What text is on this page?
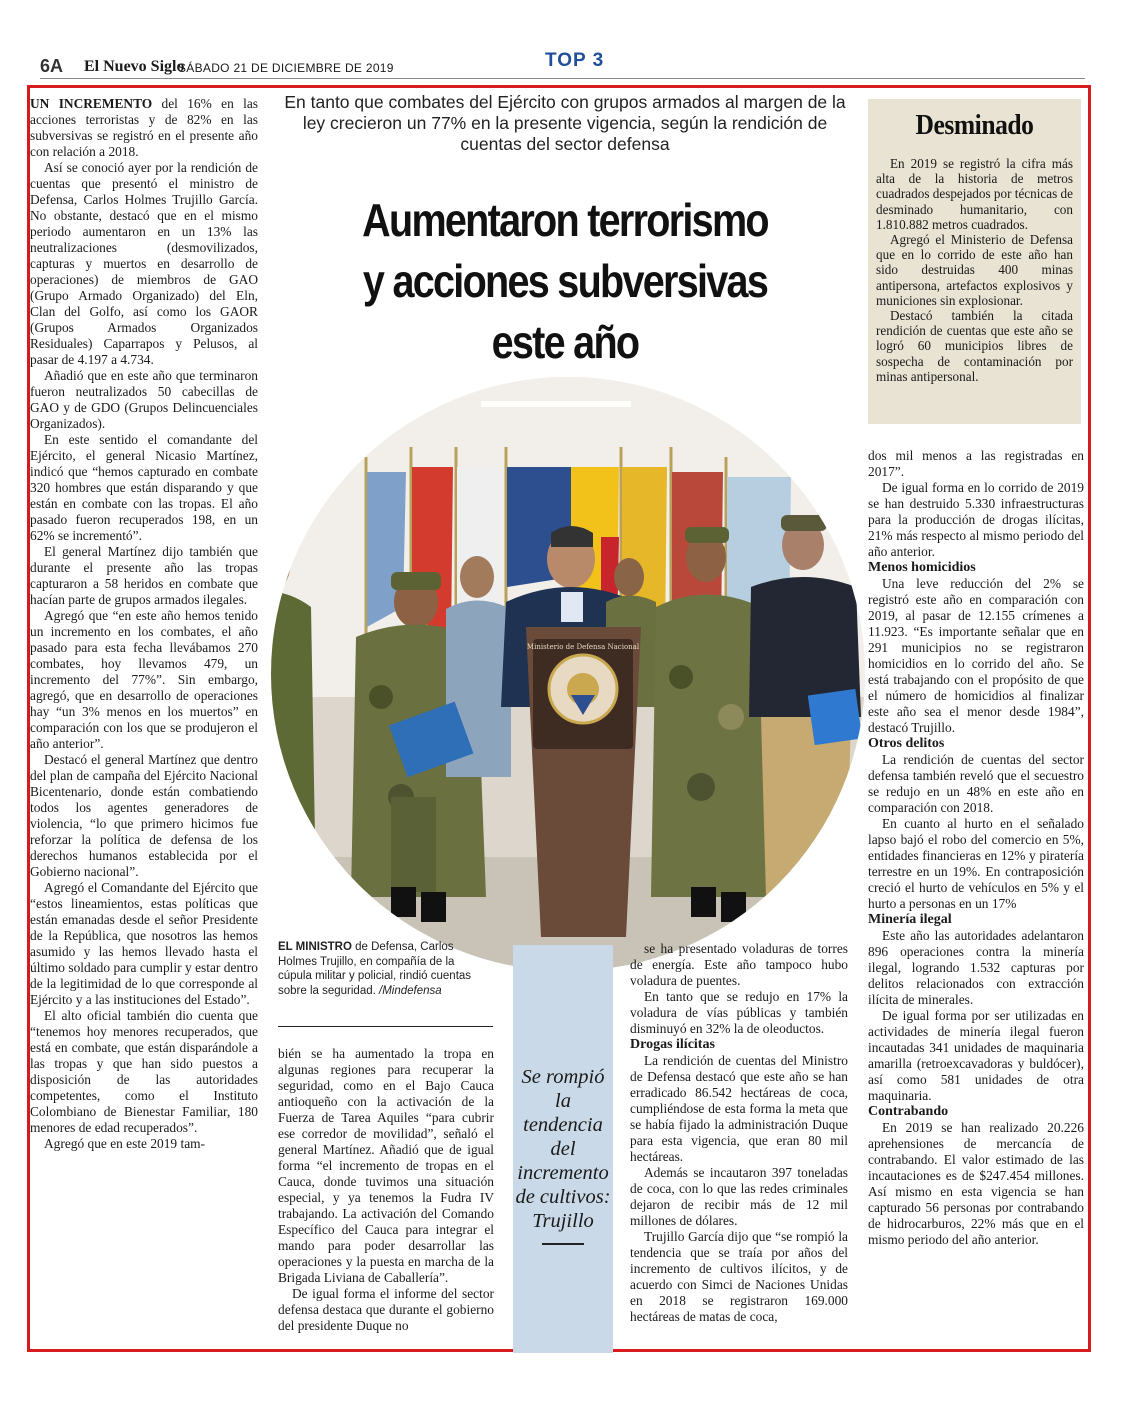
6A El Nuevo Siglo
SÁBADO 21 DE DICIEMBRE DE 2019	TOP 3

UN INCREMENTO del 16% en las acciones terroristas y de 82% en las subversivas se registró en el presente año con relación a 2018.

Así se conoció ayer por la rendición de cuentas que presentó el ministro de Defensa, Carlos Holmes Trujillo García. No obstante, destacó que en el mismo periodo aumentaron en un 13% las neutralizaciones (desmovilizados, capturas y muertos en desarrollo de operaciones) de miembros de GAO (Grupo Armado Organizado) del Eln, Clan del Golfo, así como los GAOR (Grupos Armados Organizados Residuales) Caparrapos y Pelusos, al pasar de 4.197 a 4.734.

Añadió que en este año que terminaron fueron neutralizados 50 cabecillas de GAO y de GDO (Grupos Delincuenciales Organizados).

En este sentido el comandante del Ejército, el general Nicasio Martínez, indicó que “hemos capturado en combate 320 hombres que están disparando y que están en combate con las tropas. El año pasado fueron recuperados 198, en un 62% se incrementó”.

El general Martínez dijo también que durante el presente año las tropas capturaron a 58 heridos en combate que hacían parte de grupos armados ilegales.

Agregó que “en este año hemos tenido un incremento en los combates, el año pasado para esta fecha llevábamos 270 combates, hoy llevamos 479, un incremento del 77%”. Sin embargo, agregó, que en desarrollo de operaciones hay “un 3% menos en los muertos” en comparación con los que se produjeron el año anterior”.

Destacó el general Martínez que dentro del plan de campaña del Ejército Nacional Bicentenario, donde están combatiendo todos los agentes generadores de violencia, “lo que primero hicimos fue reforzar la política de defensa de los derechos humanos establecida por el Gobierno nacional”.

Agregó el Comandante del Ejército que “estos lineamientos, estas políticas que están emanadas desde el señor Presidente de la República, que nosotros las hemos asumido y las hemos llevado hasta el último soldado para cumplir y estar dentro de la legitimidad de lo que corresponde al Ejército y a las instituciones del Estado”.

El alto oficial también dio cuenta que “tenemos hoy menores recuperados, que está en combate, que están disparándole a las tropas y que han sido puestos a disposición de las autoridades competentes, como el Instituto Colombiano de Bienestar Familiar, 180 menores de edad recuperados”.

Agregó que en este 2019 tam-

En tanto que combates del Ejército con grupos armados al margen de la ley crecieron un 77% en la presente vigencia, según la rendición de cuentas del sector defensa
Aumentaron terrorismo
y acciones subversivas
este año
Desminado

En 2019 se registró la cifra más alta de la historia de metros cuadrados despejados por técnicas de desminado humanitario, con 1.810.882 metros cuadrados.

Agregó el Ministerio de Defensa que en lo corrido de este año han sido destruidas 400 minas antipersona, artefactos explosivos y municiones sin explosionar.

Destacó también la citada rendición de cuentas que este año se logró 60 municipios libres de sospecha de contaminación por minas antipersonal.

Ministerio de Defensa Nacional
EL MINISTRO de Defensa, Carlos Holmes Trujillo, en compañía de la cúpula militar y policial, rindió cuentas sobre la seguridad. /Mindefensa

bién se ha aumentado la tropa en algunas regiones para recuperar la seguridad, como en el Bajo Cauca antioqueño con la activación de la Fuerza de Tarea Aquiles “para cubrir ese corredor de movilidad”, señaló el general Martínez. Añadió que de igual forma “el incremento de tropas en el Cauca, donde tuvimos una situación especial, y ya tenemos la Fudra IV trabajando. La activación del Comando Específico del Cauca para integrar el mando para poder desarrollar las operaciones y la puesta en marcha de la Brigada Liviana de Caballería”.

De igual forma el informe del sector defensa destaca que durante el gobierno del presidente Duque no

Se rompió la tendencia del incremento de cultivos: Trujillo

se ha presentado voladuras de torres de energía. Este año tampoco hubo voladura de puentes.

En tanto que se redujo en 17% la voladura de vías públicas y también disminuyó en 32% la de oleoductos.

Drogas ilícitas

La rendición de cuentas del Ministro de Defensa destacó que este año se han erradicado 86.542 hectáreas de coca, cumpliéndose de esta forma la meta que se había fijado la administración Duque para esta vigencia, que eran 80 mil hectáreas.

Además se incautaron 397 toneladas de coca, con lo que las redes criminales dejaron de recibir más de 12 mil millones de dólares.

Trujillo García dijo que “se rompió la tendencia que se traía por años del incremento de cultivos ilícitos, y de acuerdo con Simci de Naciones Unidas en 2018 se registraron 169.000 hectáreas de matas de coca,

dos mil menos a las registradas en 2017”.

De igual forma en lo corrido de 2019 se han destruido 5.330 infraestructuras para la producción de drogas ilícitas, 21% más respecto al mismo periodo del año anterior.

Menos homicidios

Una leve reducción del 2% se registró este año en comparación con 2019, al pasar de 12.155 crímenes a 11.923. “Es importante señalar que en 291 municipios no se registraron homicidios en lo corrido del año. Se está trabajando con el propósito de que el número de homicidios al finalizar este año sea el menor desde 1984”, destacó Trujillo.

Otros delitos

La rendición de cuentas del sector defensa también reveló que el secuestro se redujo en un 48% en este año en comparación con 2018.

En cuanto al hurto en el señalado lapso bajó el robo del comercio en 5%, entidades financieras en 12% y piratería terrestre en un 19%. En contraposición creció el hurto de vehículos en 5% y el hurto a personas en un 17%

Minería ilegal

Este año las autoridades adelantaron 896 operaciones contra la minería ilegal, logrando 1.532 capturas por delitos relacionados con extracción ilícita de minerales.

De igual forma por ser utilizadas en actividades de minería ilegal fueron incautadas 341 unidades de maquinaria amarilla (retroexcavadoras y buldócer), así como 581 unidades de otra maquinaria.

Contrabando

En 2019 se han realizado 20.226 aprehensiones de mercancía de contrabando. El valor estimado de las incautaciones es de $247.454 millones. Así mismo en esta vigencia se han capturado 56 personas por contrabando de hidrocarburos, 22% más que en el mismo periodo del año anterior.
